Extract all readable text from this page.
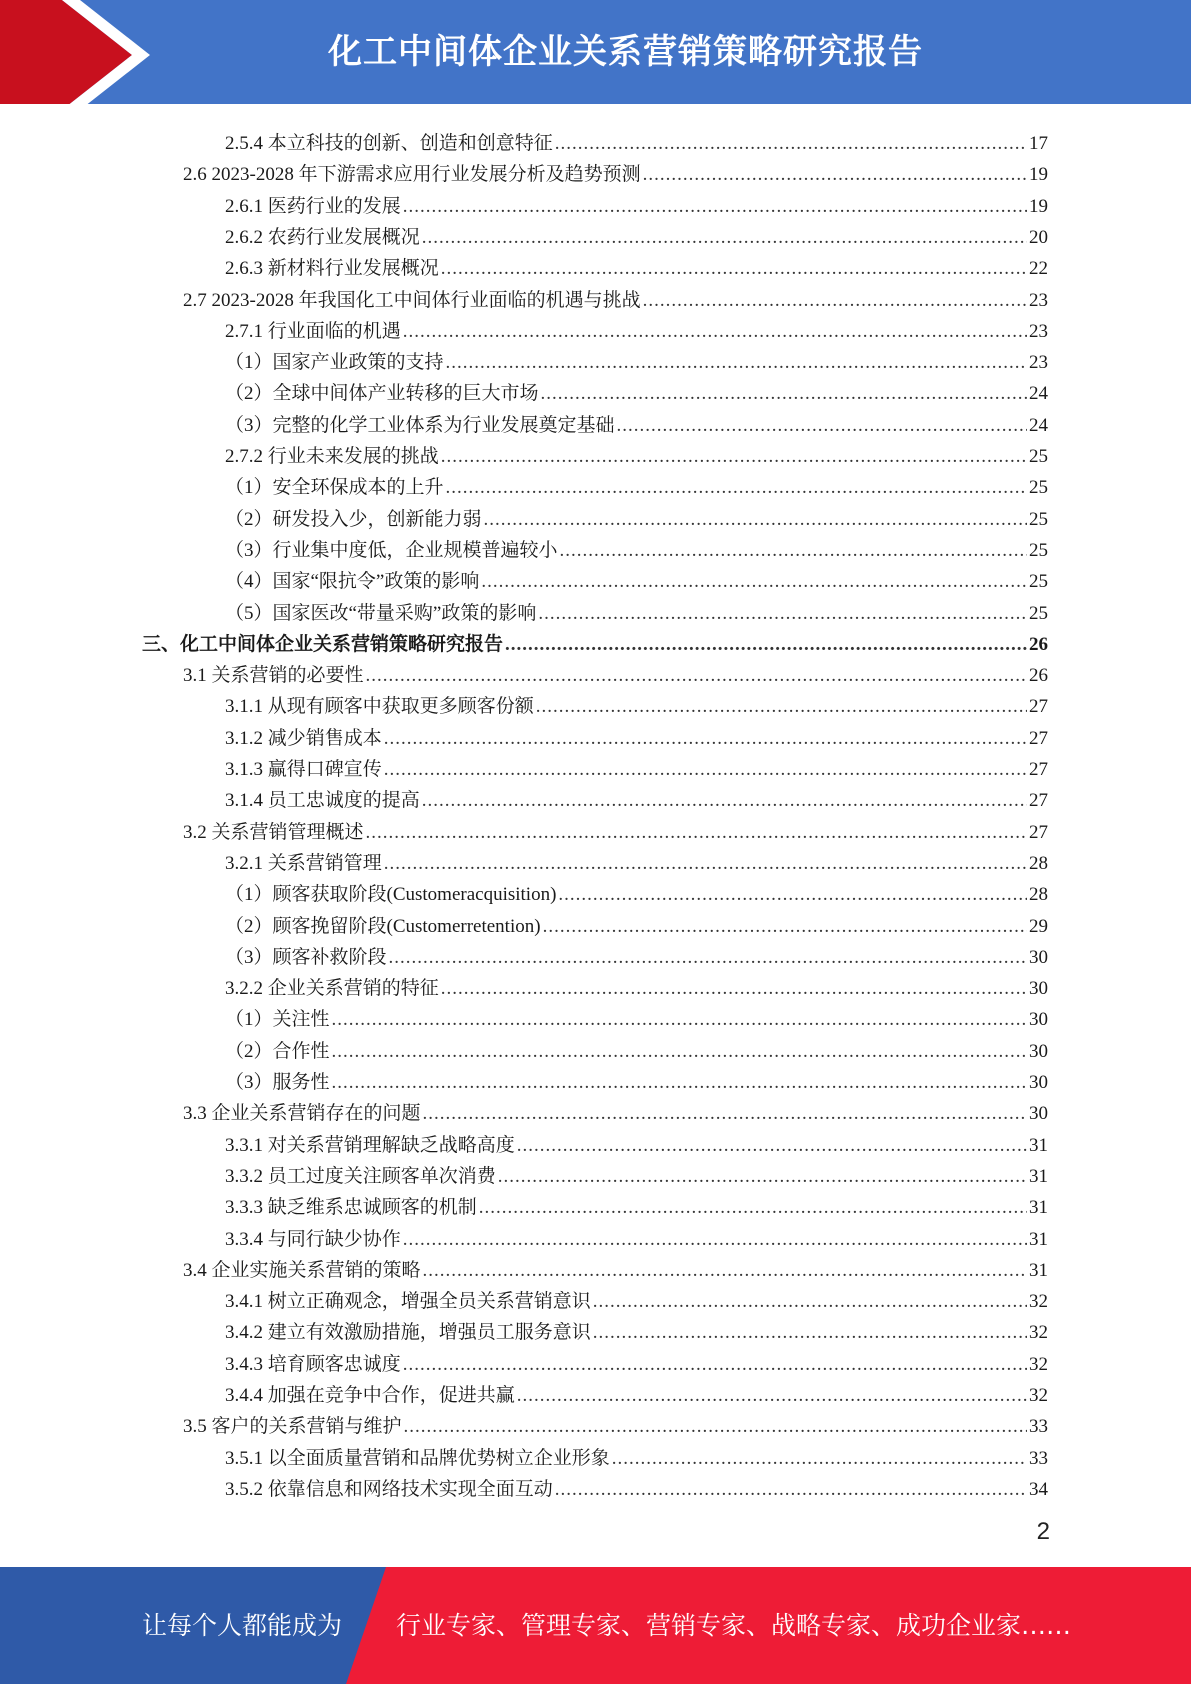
化工中间体企业关系营销策略研究报告
2.5.4 本立科技的创新、创造和创意特征 .....	17
2.6 2023-2028 年下游需求应用行业发展分析及趋势预测 .....	19
2.6.1 医药行业的发展 .....	19
2.6.2 农药行业发展概况 .....	20
2.6.3 新材料行业发展概况 .....	22
2.7 2023-2028 年我国化工中间体行业面临的机遇与挑战 .....	23
2.7.1 行业面临的机遇 .....	23
（1）国家产业政策的支持 .....	23
（2）全球中间体产业转移的巨大市场 .....	24
（3）完整的化学工业体系为行业发展奠定基础 .....	24
2.7.2 行业未来发展的挑战 .....	25
（1）安全环保成本的上升 .....	25
（2）研发投入少，创新能力弱 .....	25
（3）行业集中度低，企业规模普遍较小 .....	25
（4）国家“限抗令”政策的影响 .....	25
（5）国家医改“带量采购”政策的影响 .....	25
三、化工中间体企业关系营销策略研究报告 .....	26
3.1 关系营销的必要性 .....	26
3.1.1 从现有顾客中获取更多顾客份额 .....	27
3.1.2 减少销售成本 .....	27
3.1.3 赢得口碑宣传 .....	27
3.1.4 员工忠诚度的提高 .....	27
3.2 关系营销管理概述 .....	27
3.2.1 关系营销管理 .....	28
（1）顾客获取阶段(Customeracquisition) .....	28
（2）顾客挽留阶段(Customerretention) .....	29
（3）顾客补救阶段 .....	30
3.2.2 企业关系营销的特征 .....	30
（1）关注性 .....	30
（2）合作性 .....	30
（3）服务性 .....	30
3.3 企业关系营销存在的问题 .....	30
3.3.1 对关系营销理解缺乏战略高度 .....	31
3.3.2 员工过度关注顾客单次消费 .....	31
3.3.3 缺乏维系忠诚顾客的机制 .....	31
3.3.4 与同行缺少协作 .....	31
3.4 企业实施关系营销的策略 .....	31
3.4.1 树立正确观念，增强全员关系营销意识 .....	32
3.4.2 建立有效激励措施，增强员工服务意识 .....	32
3.4.3 培育顾客忠诚度 .....	32
3.4.4 加强在竞争中合作，促进共赢 .....	32
3.5 客户的关系营销与维护 .....	33
3.5.1 以全面质量营销和品牌优势树立企业形象 .....	33
3.5.2 依靠信息和网络技术实现全面互动 .....	34
2
让每个人都能成为 行业专家、管理专家、营销专家、战略专家、成功企业家……
